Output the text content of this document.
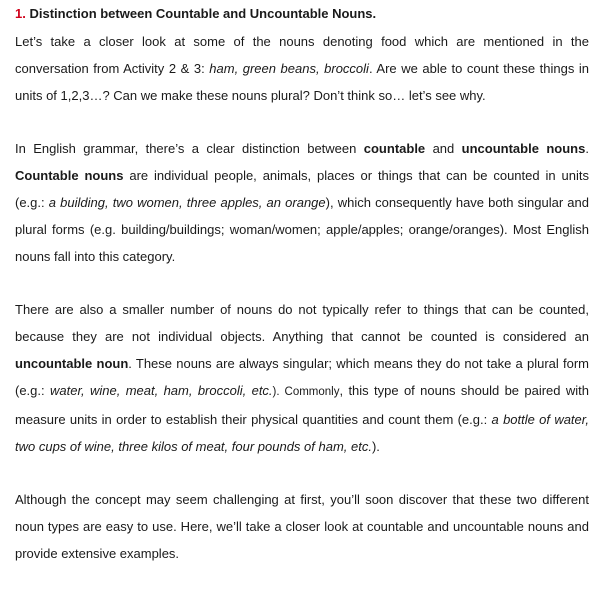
1. Distinction between Countable and Uncountable Nouns.

Let’s take a closer look at some of the nouns denoting food which are mentioned in the conversation from Activity 2 & 3: ham, green beans, broccoli. Are we able to count these things in units of 1,2,3…? Can we make these nouns plural? Don’t think so… let’s see why.

In English grammar, there’s a clear distinction between countable and uncountable nouns. Countable nouns are individual people, animals, places or things that can be counted in units (e.g.: a building, two women, three apples, an orange), which consequently have both singular and plural forms (e.g. building/buildings; woman/women; apple/apples; orange/oranges). Most English nouns fall into this category.

There are also a smaller number of nouns do not typically refer to things that can be counted, because they are not individual objects. Anything that cannot be counted is considered an uncountable noun. These nouns are always singular; which means they do not take a plural form (e.g.: water, wine, meat, ham, broccoli, etc.). Commonly, this type of nouns should be paired with measure units in order to establish their physical quantities and count them (e.g.: a bottle of water, two cups of wine, three kilos of meat, four pounds of ham, etc.).

Although the concept may seem challenging at first, you’ll soon discover that these two different noun types are easy to use. Here, we’ll take a closer look at countable and uncountable nouns and provide extensive examples.
